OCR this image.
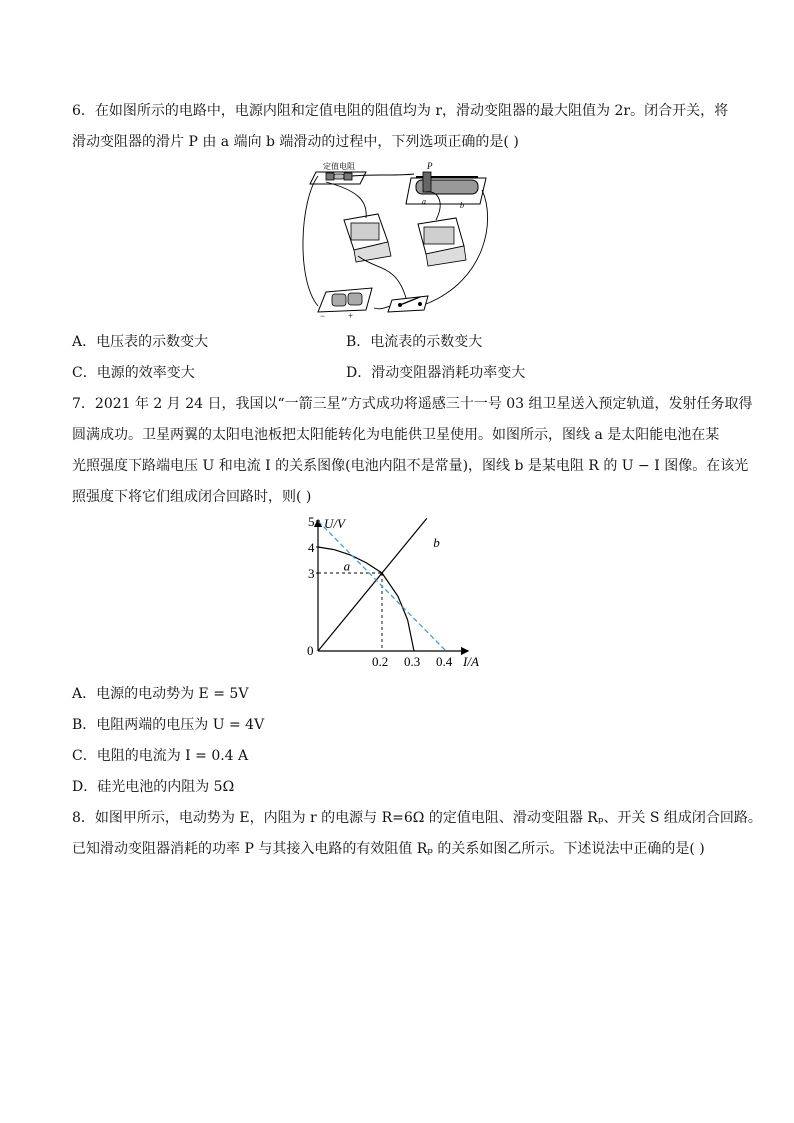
6．在如图所示的电路中，电源内阻和定值电阻的阻值均为 r，滑动变阻器的最大阻值为 2r。闭合开关，将
滑动变阻器的滑片 P 由 a 端向 b 端滑动的过程中，下列选项正确的是( )
定值电阻	P
a	b
−	+
A．电压表的示数变大	B．电流表的示数变大
C．电源的效率变大	D．滑动变阻器消耗功率变大
7．2021 年 2 月 24 日，我国以“一箭三星”方式成功将遥感三十一号 03 组卫星送入预定轨道，发射任务取得
圆满成功。卫星两翼的太阳电池板把太阳能转化为电能供卫星使用。如图所示，图线 a 是太阳能电池在某
光照强度下路端电压 U 和电流 I 的关系图像(电池内阻不是常量)，图线 b 是某电阻 R 的 U − I 图像。在该光
照强度下将它们组成闭合回路时，则( )
a
b
3
4
5
0.2 0.3 0.4
U/V
I/A
0
A．电源的电动势为 E = 5V
B．电阻两端的电压为 U = 4V
C．电阻的电流为 I = 0.4 A
D．硅光电池的内阻为 5Ω
8．如图甲所示，电动势为 E，内阻为 r 的电源与 R=6Ω 的定值电阻、滑动变阻器 Rₚ、开关 S 组成闭合回路。
已知滑动变阻器消耗的功率 P 与其接入电路的有效阻值 Rₚ 的关系如图乙所示。下述说法中正确的是( )
